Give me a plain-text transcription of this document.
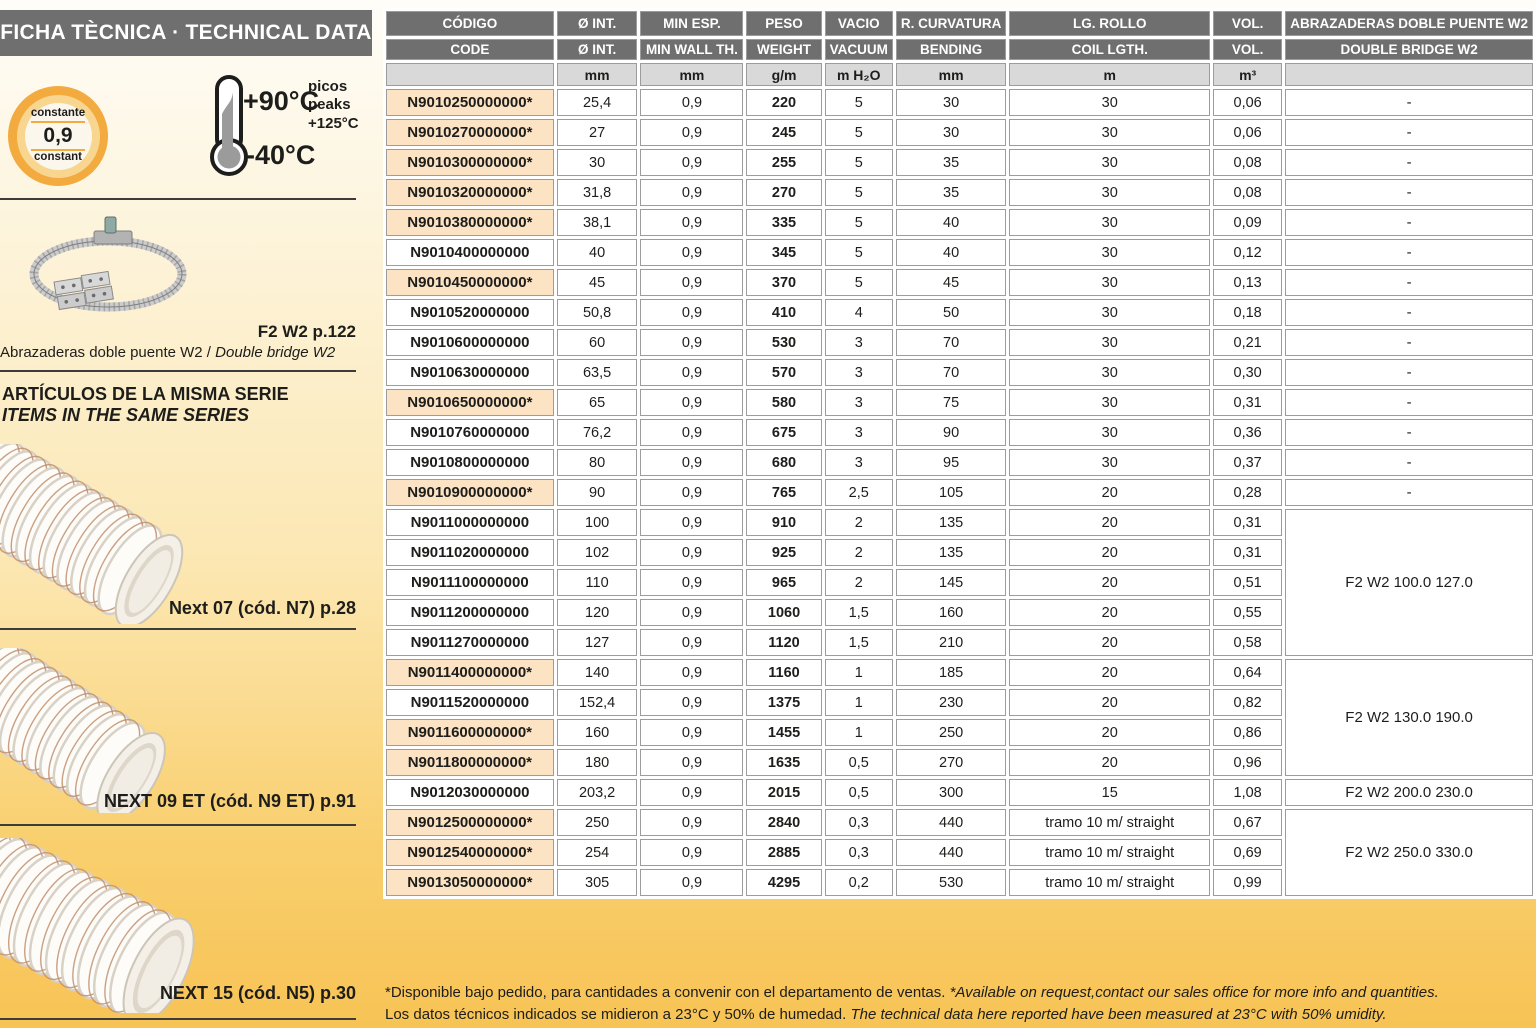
FICHA TÈCNICA · TECHNICAL DATA
constante
0,9
constant
+90°C
picos
peaks
+125°C
-40°C
F2 W2 p.122
Abrazaderas doble puente W2 / Double bridge W2
ARTÍCULOS DE LA MISMA SERIE
ITEMS IN THE SAME SERIES
Next 07 (cód. N7) p.28
NEXT 09 ET (cód. N9 ET) p.91
NEXT 15 (cód. N5) p.30
CÓDIGO	Ø INT.	MIN ESP.	PESO	VACIO	R. CURVATURA	LG. ROLLO	VOL.	ABRAZADERAS DOBLE PUENTE W2
CODE	Ø INT.	MIN WALL TH.	WEIGHT	VACUUM	BENDING	COIL LGTH.	VOL.	DOUBLE BRIDGE W2
	mm	mm	g/m	m H₂O	mm	m	m³	
N9010250000000*	25,4	0,9	220	5	30	30	0,06	-
N9010270000000*	27	0,9	245	5	30	30	0,06	-
N9010300000000*	30	0,9	255	5	35	30	0,08	-
N9010320000000*	31,8	0,9	270	5	35	30	0,08	-
N9010380000000*	38,1	0,9	335	5	40	30	0,09	-
N9010400000000	40	0,9	345	5	40	30	0,12	-
N9010450000000*	45	0,9	370	5	45	30	0,13	-
N9010520000000	50,8	0,9	410	4	50	30	0,18	-
N9010600000000	60	0,9	530	3	70	30	0,21	-
N9010630000000	63,5	0,9	570	3	70	30	0,30	-
N9010650000000*	65	0,9	580	3	75	30	0,31	-
N9010760000000	76,2	0,9	675	3	90	30	0,36	-
N9010800000000	80	0,9	680	3	95	30	0,37	-
N9010900000000*	90	0,9	765	2,5	105	20	0,28	-
N9011000000000	100	0,9	910	2	135	20	0,31	F2 W2 100.0 127.0
N9011020000000	102	0,9	925	2	135	20	0,31	
N9011100000000	110	0,9	965	2	145	20	0,51	
N9011200000000	120	0,9	1060	1,5	160	20	0,55	
N9011270000000	127	0,9	1120	1,5	210	20	0,58	
N9011400000000*	140	0,9	1160	1	185	20	0,64	F2 W2 130.0 190.0
N9011520000000	152,4	0,9	1375	1	230	20	0,82	
N9011600000000*	160	0,9	1455	1	250	20	0,86	
N9011800000000*	180	0,9	1635	0,5	270	20	0,96	
N9012030000000	203,2	0,9	2015	0,5	300	15	1,08	F2 W2 200.0 230.0
N9012500000000*	250	0,9	2840	0,3	440	tramo 10 m/ straight	0,67	F2 W2 250.0 330.0
N9012540000000*	254	0,9	2885	0,3	440	tramo 10 m/ straight	0,69	
N9013050000000*	305	0,9	4295	0,2	530	tramo 10 m/ straight	0,99	
*Disponible bajo pedido, para cantidades a convenir con el departamento de ventas. *Available on request,contact our sales office for more info and quantities.
Los datos técnicos indicados se midieron a 23°C y 50% de humedad. The technical data here reported have been measured at 23°C with 50% umidity.
